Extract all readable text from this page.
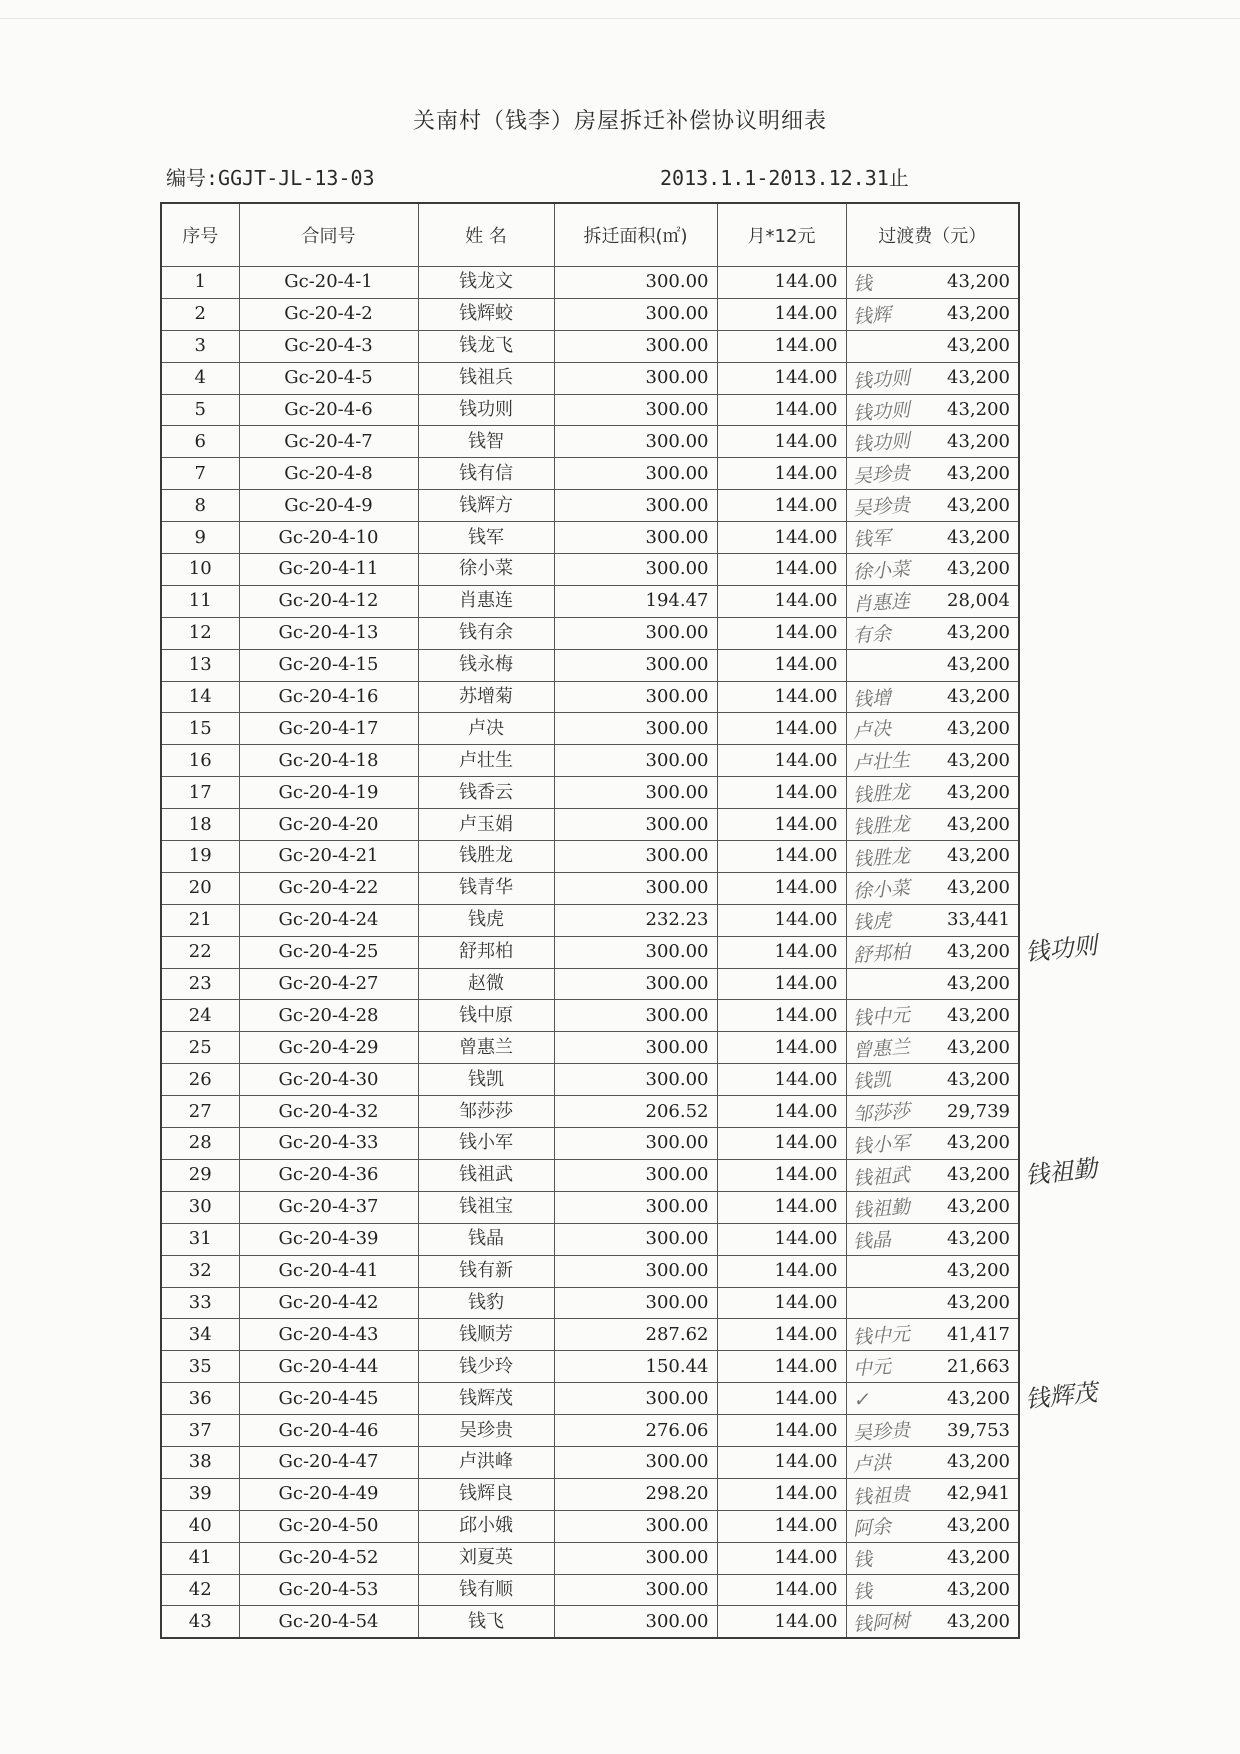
关南村（钱李）房屋拆迁补偿协议明细表
编号:GGJT-JL-13-03	2013.1.1-2013.12.31止
序号	合同号	姓 名	拆迁面积(㎡)	月*12元	过渡费（元）
1	Gc-20-4-1	钱龙文	300.00	144.00	钱 43,200
2	Gc-20-4-2	钱辉蛟	300.00	144.00	钱辉 43,200
3	Gc-20-4-3	钱龙飞	300.00	144.00	43,200
4	Gc-20-4-5	钱祖兵	300.00	144.00	钱功则 43,200
5	Gc-20-4-6	钱功则	300.00	144.00	钱功则 43,200
6	Gc-20-4-7	钱智	300.00	144.00	钱功则 43,200
7	Gc-20-4-8	钱有信	300.00	144.00	吴珍贵 43,200
8	Gc-20-4-9	钱辉方	300.00	144.00	吴珍贵 43,200
9	Gc-20-4-10	钱军	300.00	144.00	钱军 43,200
10	Gc-20-4-11	徐小菜	300.00	144.00	徐小菜 43,200
11	Gc-20-4-12	肖惠连	194.47	144.00	肖惠连 28,004
12	Gc-20-4-13	钱有余	300.00	144.00	有余 43,200
13	Gc-20-4-15	钱永梅	300.00	144.00	43,200
14	Gc-20-4-16	苏增菊	300.00	144.00	钱增 43,200
15	Gc-20-4-17	卢决	300.00	144.00	卢决 43,200
16	Gc-20-4-18	卢壮生	300.00	144.00	卢壮生 43,200
17	Gc-20-4-19	钱香云	300.00	144.00	钱胜龙 43,200
18	Gc-20-4-20	卢玉娟	300.00	144.00	钱胜龙 43,200
19	Gc-20-4-21	钱胜龙	300.00	144.00	钱胜龙 43,200
20	Gc-20-4-22	钱青华	300.00	144.00	徐小菜 43,200
21	Gc-20-4-24	钱虎	232.23	144.00	钱虎 33,441
22	Gc-20-4-25	舒邦柏	300.00	144.00	舒邦柏 43,200
23	Gc-20-4-27	赵微	300.00	144.00	43,200
24	Gc-20-4-28	钱中原	300.00	144.00	钱中元 43,200
25	Gc-20-4-29	曾惠兰	300.00	144.00	曾惠兰 43,200
26	Gc-20-4-30	钱凯	300.00	144.00	钱凯 43,200
27	Gc-20-4-32	邹莎莎	206.52	144.00	邹莎莎 29,739
28	Gc-20-4-33	钱小军	300.00	144.00	钱小军 43,200
29	Gc-20-4-36	钱祖武	300.00	144.00	钱祖武 43,200
30	Gc-20-4-37	钱祖宝	300.00	144.00	钱祖勤 43,200
31	Gc-20-4-39	钱晶	300.00	144.00	钱晶 43,200
32	Gc-20-4-41	钱有新	300.00	144.00	43,200
33	Gc-20-4-42	钱豹	300.00	144.00	43,200
34	Gc-20-4-43	钱顺芳	287.62	144.00	钱中元 41,417
35	Gc-20-4-44	钱少玲	150.44	144.00	中元 21,663
36	Gc-20-4-45	钱辉茂	300.00	144.00	✓ 43,200
37	Gc-20-4-46	吴珍贵	276.06	144.00	吴珍贵 39,753
38	Gc-20-4-47	卢洪峰	300.00	144.00	卢洪 43,200
39	Gc-20-4-49	钱辉良	298.20	144.00	钱祖贵 42,941
40	Gc-20-4-50	邱小娥	300.00	144.00	阿余 43,200
41	Gc-20-4-52	刘夏英	300.00	144.00	钱 43,200
42	Gc-20-4-53	钱有顺	300.00	144.00	钱 43,200
43	Gc-20-4-54	钱飞	300.00	144.00	钱阿树 43,200
钱功则
钱祖勤
钱辉茂
